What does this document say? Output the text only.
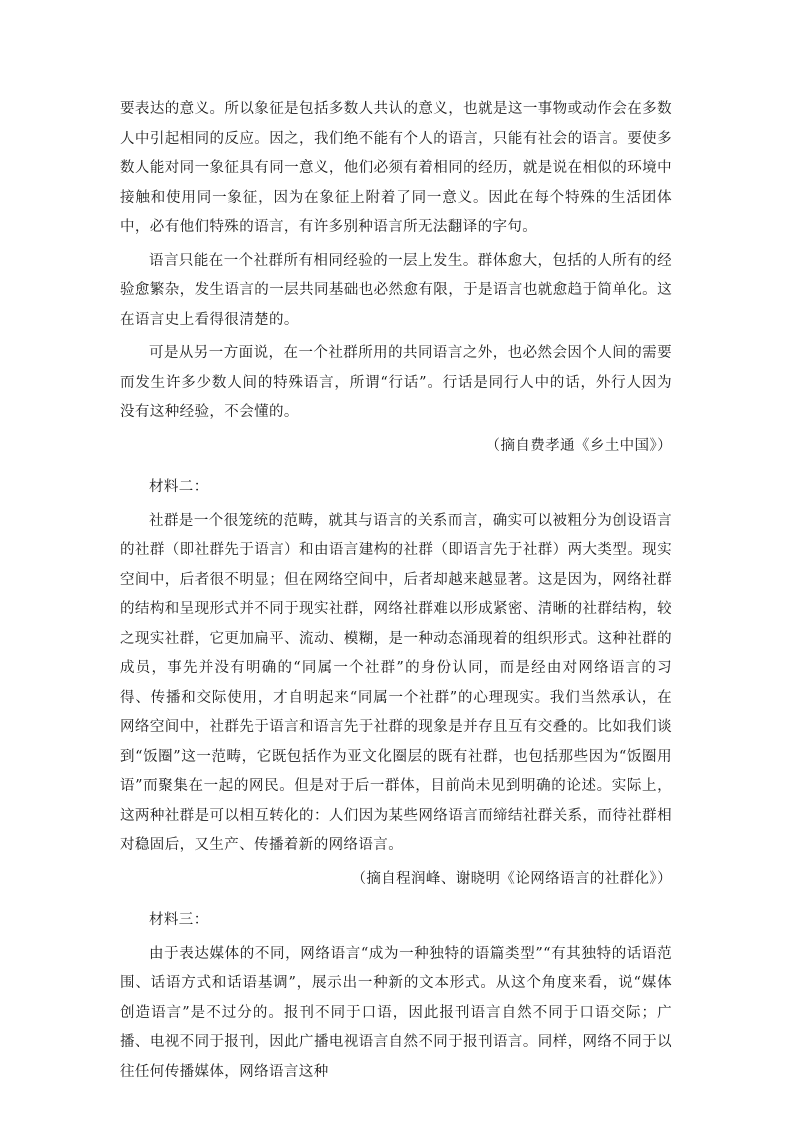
要表达的意义。所以象征是包括多数人共认的意义，也就是这一事物或动作会在多数人中引起相同的反应。因之，我们绝不能有个人的语言，只能有社会的语言。要使多数人能对同一象征具有同一意义，他们必须有着相同的经历，就是说在相似的环境中接触和使用同一象征，因为在象征上附着了同一意义。因此在每个特殊的生活团体中，必有他们特殊的语言，有许多别种语言所无法翻译的字句。

语言只能在一个社群所有相同经验的一层上发生。群体愈大，包括的人所有的经验愈繁杂，发生语言的一层共同基础也必然愈有限，于是语言也就愈趋于简单化。这在语言史上看得很清楚的。

可是从另一方面说，在一个社群所用的共同语言之外，也必然会因个人间的需要而发生许多少数人间的特殊语言，所谓“行话”。行话是同行人中的话，外行人因为没有这种经验，不会懂的。

（摘自费孝通《乡土中国》）

材料二：

社群是一个很笼统的范畴，就其与语言的关系而言，确实可以被粗分为创设语言的社群（即社群先于语言）和由语言建构的社群（即语言先于社群）两大类型。现实空间中，后者很不明显；但在网络空间中，后者却越来越显著。这是因为，网络社群的结构和呈现形式并不同于现实社群，网络社群难以形成紧密、清晰的社群结构，较之现实社群，它更加扁平、流动、模糊，是一种动态涌现着的组织形式。这种社群的成员，事先并没有明确的“同属一个社群”的身份认同，而是经由对网络语言的习得、传播和交际使用，才自明起来“同属一个社群”的心理现实。我们当然承认，在网络空间中，社群先于语言和语言先于社群的现象是并存且互有交叠的。比如我们谈到“饭圈”这一范畴，它既包括作为亚文化圈层的既有社群，也包括那些因为“饭圈用语”而聚集在一起的网民。但是对于后一群体，目前尚未见到明确的论述。实际上，这两种社群是可以相互转化的：人们因为某些网络语言而缔结社群关系，而待社群相对稳固后，又生产、传播着新的网络语言。

（摘自程润峰、谢晓明《论网络语言的社群化》）

材料三：

由于表达媒体的不同，网络语言“成为一种独特的语篇类型”“有其独特的话语范围、话语方式和话语基调”，展示出一种新的文本形式。从这个角度来看，说“媒体创造语言”是不过分的。报刊不同于口语，因此报刊语言自然不同于口语交际；广播、电视不同于报刊，因此广播电视语言自然不同于报刊语言。同样，网络不同于以往任何传播媒体，网络语言这种
